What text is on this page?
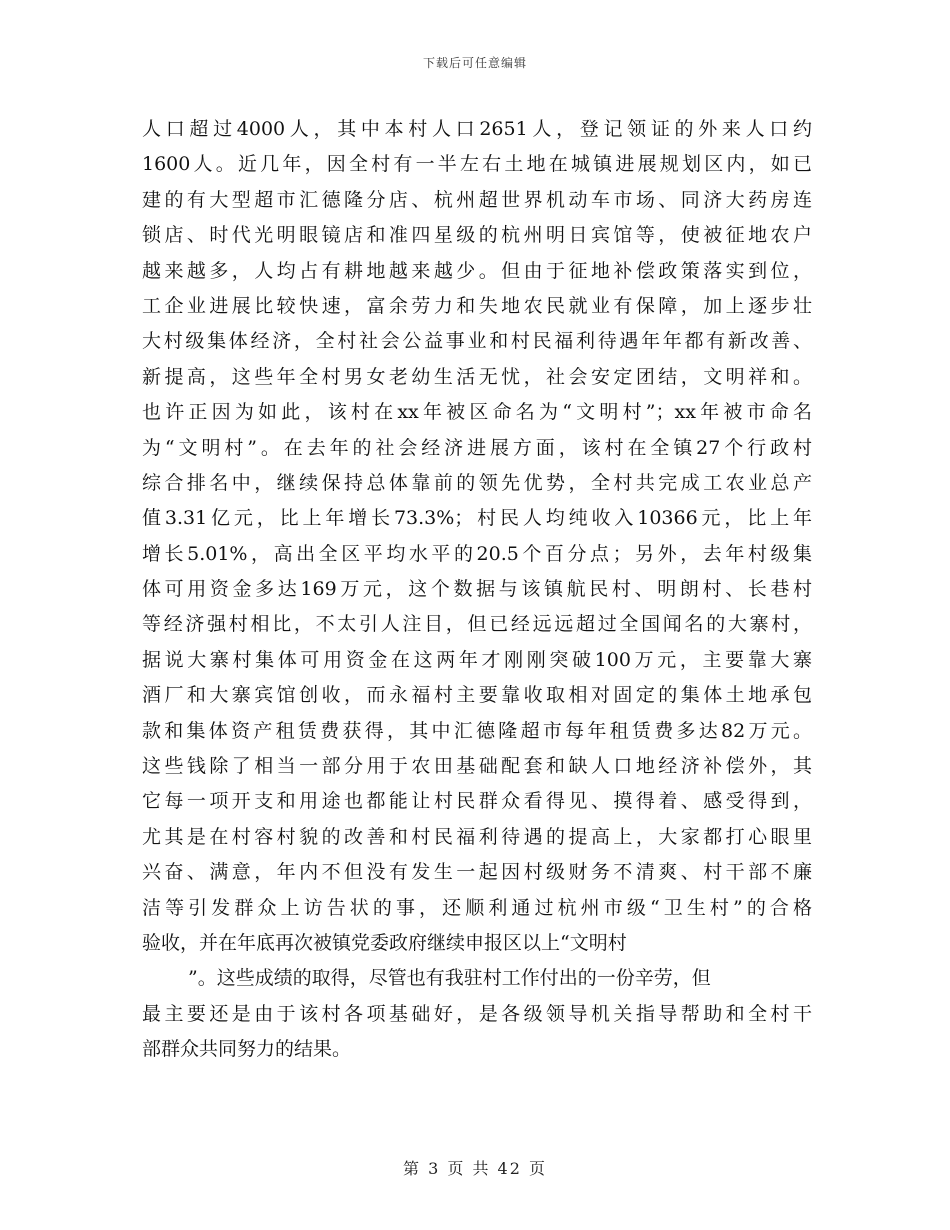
下载后可任意编辑
人口超过4000人，其中本村人口2651人，登记领证的外来人口约
1600人。近几年，因全村有一半左右土地在城镇进展规划区内，如已
建的有大型超市汇德隆分店、杭州超世界机动车市场、同济大药房连
锁店、时代光明眼镜店和准四星级的杭州明日宾馆等，使被征地农户
越来越多，人均占有耕地越来越少。但由于征地补偿政策落实到位，
工企业进展比较快速，富余劳力和失地农民就业有保障，加上逐步壮
大村级集体经济，全村社会公益事业和村民福利待遇年年都有新改善、
新提高，这些年全村男女老幼生活无忧，社会安定团结，文明祥和。
也许正因为如此，该村在xx年被区命名为“文明村”；xx年被市命名
为“文明村”。在去年的社会经济进展方面，该村在全镇27个行政村
综合排名中，继续保持总体靠前的领先优势，全村共完成工农业总产
值3.31亿元，比上年增长73.3%；村民人均纯收入10366元，比上年
增长5.01%，高出全区平均水平的20.5个百分点；另外，去年村级集
体可用资金多达169万元，这个数据与该镇航民村、明朗村、长巷村
等经济强村相比，不太引人注目，但已经远远超过全国闻名的大寨村，
据说大寨村集体可用资金在这两年才刚刚突破100万元，主要靠大寨
酒厂和大寨宾馆创收，而永福村主要靠收取相对固定的集体土地承包
款和集体资产租赁费获得，其中汇德隆超市每年租赁费多达82万元。
这些钱除了相当一部分用于农田基础配套和缺人口地经济补偿外，其
它每一项开支和用途也都能让村民群众看得见、摸得着、感受得到，
尤其是在村容村貌的改善和村民福利待遇的提高上，大家都打心眼里
兴奋、满意，年内不但没有发生一起因村级财务不清爽、村干部不廉
洁等引发群众上访告状的事，还顺利通过杭州市级“卫生村”的合格
验收，并在年底再次被镇党委政府继续申报区以上“文明村
”。这些成绩的取得，尽管也有我驻村工作付出的一份辛劳，但
最主要还是由于该村各项基础好，是各级领导机关指导帮助和全村干
部群众共同努力的结果。
第 3 页 共 42 页
